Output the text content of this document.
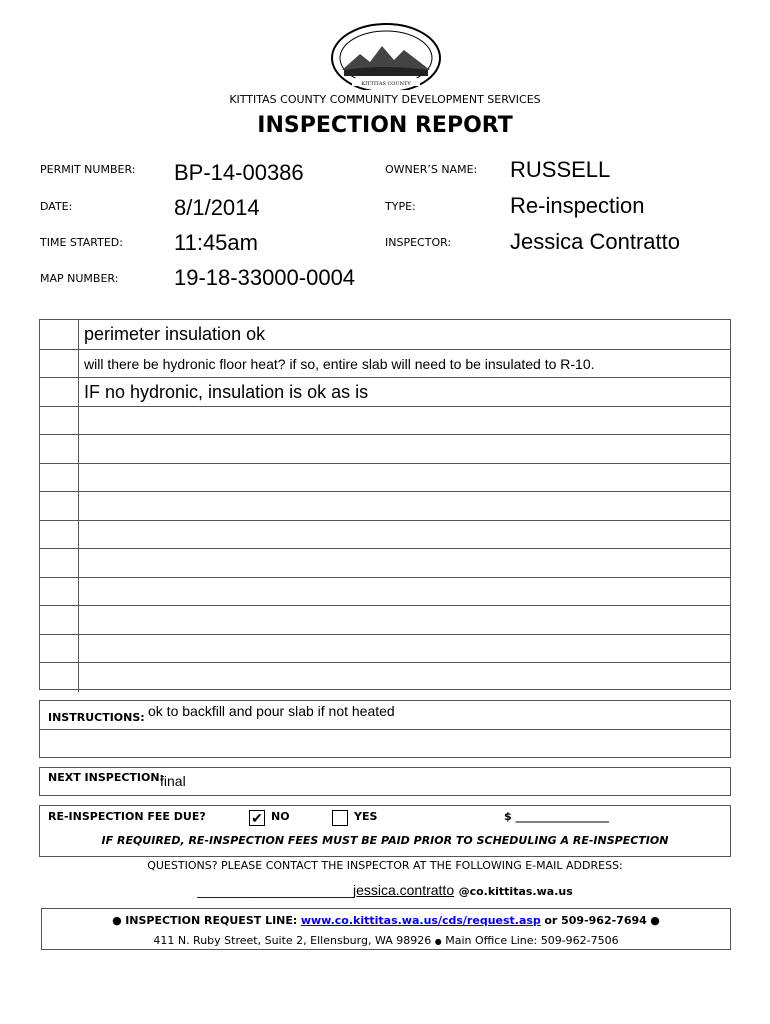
KITTITAS COUNTY
KITTITAS COUNTY COMMUNITY DEVELOPMENT SERVICES
INSPECTION REPORT
PERMIT NUMBER: BP-14-00386
DATE:	8/1/2014
TIME STARTED: 11:45am
MAP NUMBER:	19-18-33000-0004
OWNER’S NAME: RUSSELL
TYPE:	Re-inspection
INSPECTOR:	Jessica Contratto
perimeter insulation ok
will there be hydronic floor heat? if so, entire slab will need to be insulated to R-10.
IF no hydronic, insulation is ok as is
INSTRUCTIONS: ok to backfill and pour slab if not heated
NEXT INSPECTION:
final
RE-INSPECTION FEE DUE?	✔ NO	YES	$ _________________
IF REQUIRED, RE-INSPECTION FEES MUST BE PAID PRIOR TO SCHEDULING A RE-INSPECTION
QUESTIONS? PLEASE CONTACT THE INSPECTOR AT THE FOLLOWING E-MAIL ADDRESS:
____________________jessica.contratto @co.kittitas.wa.us
● INSPECTION REQUEST LINE: www.co.kittitas.wa.us/cds/request.asp or 509-962-7694 ●
411 N. Ruby Street, Suite 2, Ellensburg, WA 98926 ● Main Office Line: 509-962-7506
